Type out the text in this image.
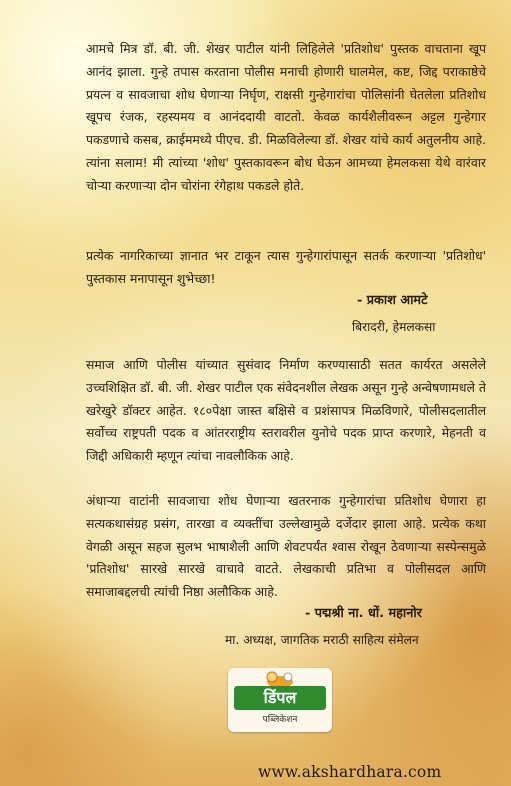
आमचे मित्र डॉ. बी. जी. शेखर पाटील यांनी लिहिलेले 'प्रतिशोध' पुस्तक वाचताना खूप आनंद झाला. गुन्हे तपास करताना पोलीस मनाची होणारी घालमेल, कष्ट, जिद्द पराकाष्ठेचे प्रयत्न व सावजाचा शोध घेणाऱ्या निर्घृण, राक्षसी गुन्हेगारांचा पोलिसांनी घेतलेला प्रतिशोध खूपच रंजक, रहस्यमय व आनंददायी वाटतो. केवळ कार्यशैलीवरून अट्टल गुन्हेगार पकडणाचे कसब, क्राईममध्ये पीएच. डी. मिळविलेल्या डॉ. शेखर यांचे कार्य अतुलनीय आहे. त्यांना सलाम! मी त्यांच्या 'शोध' पुस्तकावरून बोध घेऊन आमच्या हेमलकसा येथे वारंवार चोऱ्या करणाऱ्या दोन चोरांना रंगेहाथ पकडले होते.

प्रत्येक नागरिकाच्या ज्ञानात भर टाकून त्यास गुन्हेगारांपासून सतर्क करणाऱ्या 'प्रतिशोध' पुस्तकास मनापासून शुभेच्छा!

- प्रकाश आमटे

बिरादरी, हेमलकसा

समाज आणि पोलीस यांच्यात सुसंवाद निर्माण करण्यासाठी सतत कार्यरत असलेले उच्चशिक्षित डॉ. बी. जी. शेखर पाटील एक संवेदनशील लेखक असून गुन्हे अन्वेषणामधले ते खरेखुरे डॉक्टर आहेत. १८०पेक्षा जास्त बक्षिसे व प्रशंसापत्र मिळविणारे, पोलीसदलातील सर्वोच्च राष्ट्रपती पदक व आंतरराष्ट्रीय स्तरावरील युनोचे पदक प्राप्त करणारे, मेहनती व जिद्दी अधिकारी म्हणून त्यांचा नावलौकिक आहे.

अंधाऱ्या वाटांनी सावजाचा शोध घेणाऱ्या खतरनाक गुन्हेगारांचा प्रतिशोध घेणारा हा सत्यकथासंग्रह प्रसंग, तारखा व व्यक्तींचा उल्लेखामुळे दर्जेदार झाला आहे. प्रत्येक कथा वेगळी असून सहज सुलभ भाषाशैली आणि शेवटपर्यंत श्वास रोखून ठेवणाऱ्या सस्पेन्समुळे 'प्रतिशोध' सारखे सारखे वाचावे वाटते. लेखकाची प्रतिभा व पोलीसदल आणि समाजाबद्दलची त्यांची निष्ठा अलौकिक आहे.

- पद्मश्री ना. धों. महानोर

मा. अध्यक्ष, जागतिक मराठी साहित्य संमेलन

डिंपल
पब्लिकेशन
www.akshardhara.com
